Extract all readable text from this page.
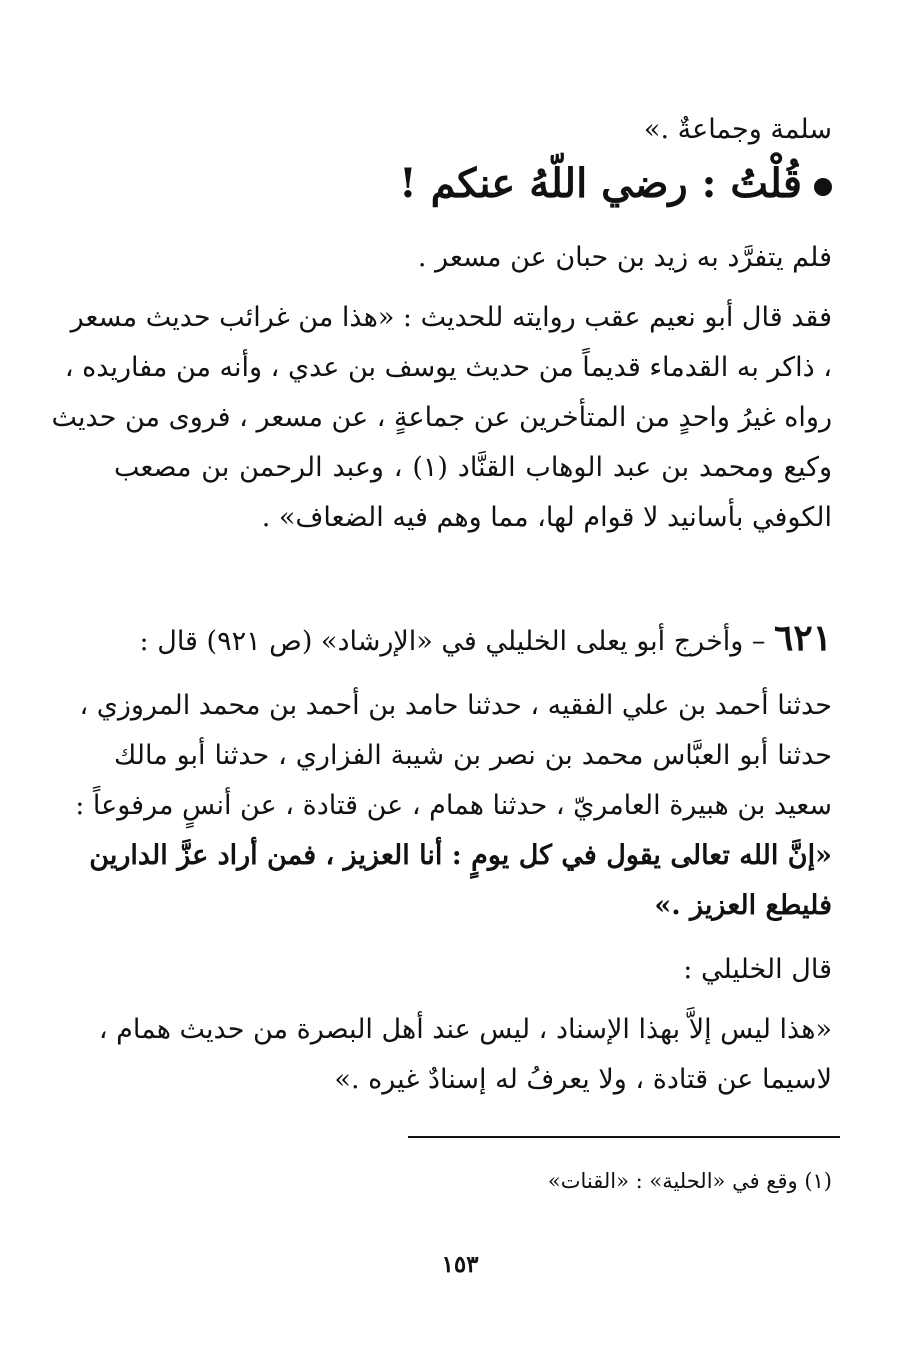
سلمة وجماعةٌ .»
قُلْتُ : رضي اللّهُ عنكم !
فلم يتفرَّد به زيد بن حبان عن مسعر .
فقد قال أبو نعيم عقب روايته للحديث : «هذا من غرائب حديث مسعر
، ذاكر به القدماء قديماً من حديث يوسف بن عدي ، وأنه من مفاريده ،
رواه غيرُ واحدٍ من المتأخرين عن جماعةٍ ، عن مسعر ، فروى من حديث
وكيع ومحمد بن عبد الوهاب القنَّاد (١) ، وعبد الرحمن بن مصعب
الكوفي بأسانيد لا قوام لها، مما وهم فيه الضعاف» .
٦٢١ – وأخرج أبو يعلى الخليلي في «الإرشاد» (ص ٩٢١) قال :
حدثنا أحمد بن علي الفقيه ، حدثنا حامد بن أحمد بن محمد المروزي ،
حدثنا أبو العبَّاس محمد بن نصر بن شيبة الفزاري ، حدثنا أبو مالك
سعيد بن هبيرة العامريّ ، حدثنا همام ، عن قتادة ، عن أنسٍ مرفوعاً :
«إنَّ الله تعالى يقول في كل يومٍ : أنا العزيز ، فمن أراد عزَّ الدارين
فليطع العزيز .»
قال الخليلي :
«هذا ليس إلاَّ بهذا الإسناد ، ليس عند أهل البصرة من حديث همام ،
لاسيما عن قتادة ، ولا يعرفُ له إسنادٌ غيره .»
(١) وقع في «الحلية» : «القنات»
١٥٣
